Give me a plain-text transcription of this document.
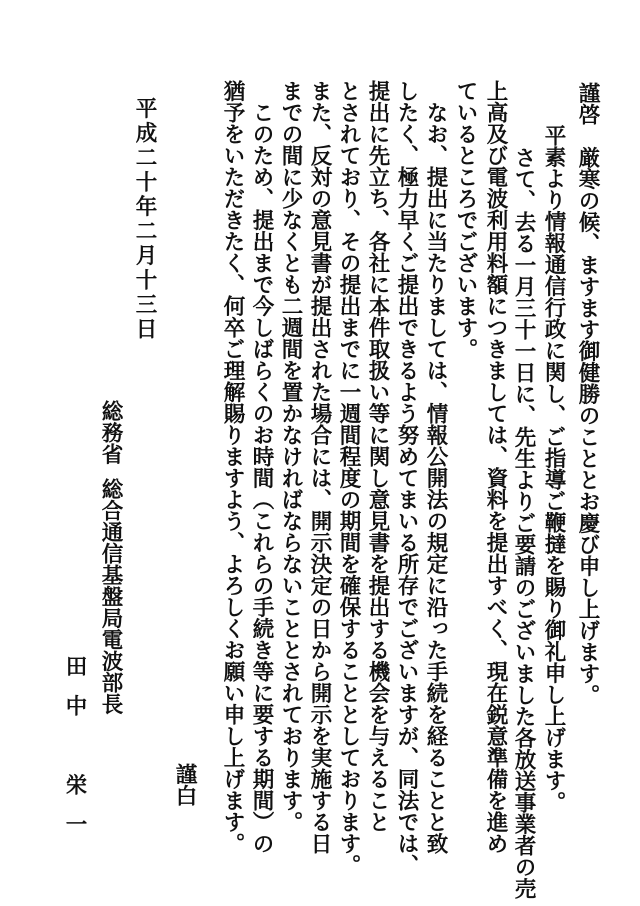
謹啓　厳寒の候、ますます御健勝のこととお慶び申し上げます。
　平素より情報通信行政に関し、ご指導ご鞭撻を賜り御礼申し上げます。
　さて、去る一月三十一日に、先生よりご要請のございました各放送事業者の売
上高及び電波利用料額につきましては、資料を提出すべく、現在鋭意準備を進め
ているところでございます。
　なお、提出に当たりましては、情報公開法の規定に沿った手続を経ることと致
したく、極力早くご提出できるよう努めてまいる所存でございますが、同法では、
提出に先立ち、各社に本件取扱い等に関し意見書を提出する機会を与えること
とされており、その提出までに一週間程度の期間を確保することとしております。
また、反対の意見書が提出された場合には、開示決定の日から開示を実施する日
までの間に少なくとも二週間を置かなければならないこととされております。
　このため、提出まで今しばらくのお時間（これらの手続き等に要する期間）の
猶予をいただきたく、何卒ご理解賜りますよう、よろしくお願い申し上げます。
謹白
平成二十年二月十三日
総務省
総合通信基盤局電波部長
田中　栄一
